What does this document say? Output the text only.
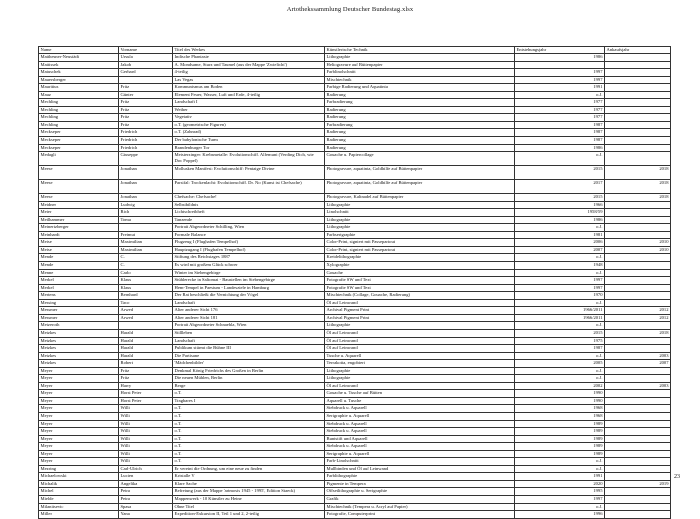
Artothekssammlung Deutscher Bundestag.xlsx
Name	Vorname	Titel des Werkes	Künstlerische Technik	Entstehungsjahr	Ankaufsjahr
Matthesner-Neustädt	Ursula	Indische Phantasie	Lithographie	1986	
Mattissek	Jakob	A. Mondsame, Sturz und Taumel (aus der Mappe 'Zwielicht')	Heliogravure auf Büttenpapier		
Matuschek	Gerhard	4-teilig	Farblinolschnitt	1997	
Mauersberger		Las Vegas	Mischtechnik	1997	
Mauritius	Fritz	Kommunismus am Boden	Farbige Radierung und Aquatinta	1991	
Mauz	Günter	Element Feuer, Wasser, Luft und Erde, 4-teilig	Radierung	o.J.	
Mechling	Fritz	Landschaft I	Farbradierung	1977	
Mechling	Fritz	Weiher	Radierung	1977	
Mechling	Fritz	Vegetativ	Radierung	1977	
Mechling	Fritz	o.T. (geometrische Figuren)	Farbradierung	1987	
Meckseper	Friedrich	o.T. (Zahnrad)	Radierung	1987	
Meckseper	Friedrich	Der babylonische Turm	Radierung	1987	
Meckseper	Friedrich	Brandenburger Tor	Radierung	1986	
Medagli	Giuseppe	Meisterzinger: Krebsmetalle: Evolutionschiff. Alfemuni (Verding Dich, wie Doc Poppel)	Gouache u. Papiercollage	o.J.	
Meese	Jonathan	Mollusken Manifest: Evolutionschiff: Pentaige Divine	Photogravure, aquatinta, Goldhilfe auf Büttenpapier	2015	2018
Meese	Jonathan	Parsifal: Trockenlacht: Evolutionschiff. Dr. No (Kunst ist Chefsache)	Photogravure, aquatinta, Goldhilfe auf Büttenpapier	2017	2018
Meese	Jonathan	Chefsache: Chefsache!	Photogravure, Kaltnadel auf Büttenpapier	2015	2018
Meidner	Ludwig	Selbstbildnis	Lithographie	1966	
Meier	Rich	Lichtschreibheft	Linolschnitt	1958/59	
Meilhammer	Toma	Tanzende	Lithographie	1986	
Meinertzberger		Portrait Abgeordneter Schilling, Wien	Lithographie	o.J.	
Meinhardt	Freimut	Formale Balance	Farbserigraphie	1981	
Meise	Maximilian	Flugzeug I (Flughafen Tempelhof)	Color-Print, signiert mit Passepartout	2006	2010
Meise	Maximilian	Hauptzugang I (Flughafen Tempelhof)	Color-Print, signiert mit Passepartout	2007	2010
Mende	C.	Stiftung des Reichstages 1887	Kreidelithographie	o.J.	
Mende	C.	Es wird mit großem Glück schwer	Xylographie	1948	
Menne	Carlo	Winter im Siebengebirge	Gouache	o.J.	
Merkel	Klaus	Stühlerecke in Saltomai - Baustellen im Siebengebirge	Fotografie SW und Text	1997	
Merkel	Klaus	Hem-Tempel in Paestum - Landesziele in Hamburg	Fotografie SW und Text	1997	
Mertens	Bernhard	Der Rat beschließt die Vernichtung der Vögel	Mischtechnik (Collage, Gouache, Radierung)	1970	
Messing	Taco	Landschaft	Öl auf Leinwand	o.J.	
Messmer	Arwed	Alter anderer Sicht 176	Archival Pigment Print	1966/2011	2012
Messmer	Arwed	Alter anderer Sicht 181	Archival Pigment Print	1966/2011	2012
Metzeroth		Portrait Abgeordneter Schnaebla, Wien	Lithographie	o.J.	
Metzkes	Harald	Stillleben	Öl auf Leinwand	2015	2018
Metzkes	Harald	Landschaft	Öl auf Leinwand	1975	
Metzkes	Harald	Publikum stürmt die Bühne III	Öl auf Leinwand	1987	
Metzkes	Harald	Die Partisane	Tusche u. Aquarell	o.J.	2003
Metzkes	Robert	'Mädchenbilder'	Terrakotta, engobiert	2005	2007
Meyer	Fritz	Denkmal König Friedrichs des Großen in Berlin	Lithographie	o.J.	
Meyer	Fritz	Die neuen Mühlen, Berlin	Lithographie	o.J.	
Meyer	Harry	Berge	Öl auf Leinwand	2002	2003
Meyer	Horst Peter	o.T.	Gouache u. Tusche auf Bütten	1990	
Meyer	Horst Peter	Tragbares I	Aquarell u. Tusche	1990	
Meyer	Willi	o.T.	Siebdruck u. Aquarell	1968	
Meyer	Willi	o.T.	Serigraphie u. Aquarell	1968	
Meyer	Willi	o.T.	Siebdruck u. Aquarell	1989	
Meyer	Willi	o.T.	Siebdruck u. Aquarell	1989	
Meyer	Willi	o.T.	Buntstift und Aquarell	1989	
Meyer	Willi	o.T.	Siebdruck u. Aquarell	1989	
Meyer	Willi	o.T.	Serigraphie u. Aquarell	1989	
Meyer	Willi	o.T.	Farb-Linolschnitt	o.J.	
Mezring	Carl-Ulrich	Er vereint die Ordnung, um eine neue zu finden	Mullbinden und Öl auf Leinwand	o.J.	
Michaelowski	Lucien	Kristalle V	Farblithographie	1991	
Michalik	Angelika	Klare Sache	Pigmente in Tempera	2020	2019
Michel	Petra	Befreiung (aus der Mappe 'artmosis 1945 - 1995', Edition Staeck)	Offsetlithographie u. Serigraphie	1995	
Mielde	Petra	Mappenwerk - 10 Künstler zu Heine	Grafik	1997	
Milanitsevic	Spasa	Ohne Titel	Mischtechnik (Tempera u. Acryl auf Papier)	o.J.	
Miller	Yana	Expedition-Exkursion II, Teil 1 und 2, 2-teilig	Fotografie, Computerprint	1996	
23
